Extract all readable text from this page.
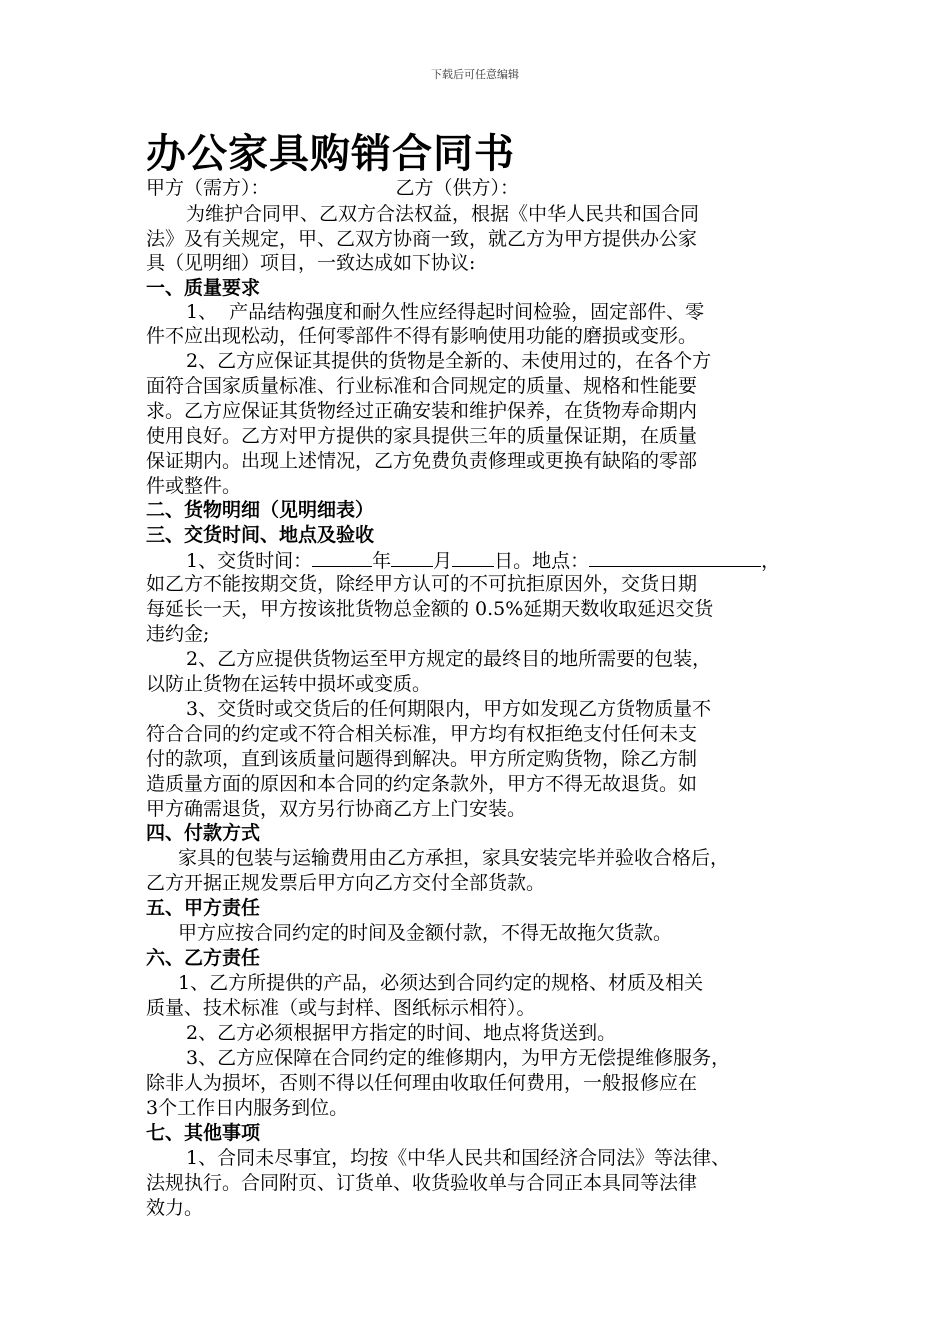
下载后可任意编辑
办公家具购销合同书
甲方（需方）：	乙方（供方）：
为维护合同甲、乙双方合法权益，根据《中华人民共和国合同
法》及有关规定，甲、乙双方协商一致，就乙方为甲方提供办公家
具（见明细）项目，一致达成如下协议:
一、质量要求
1、  产品结构强度和耐久性应经得起时间检验，固定部件、零
件不应出现松动，任何零部件不得有影响使用功能的磨损或变形。
2、乙方应保证其提供的货物是全新的、未使用过的，在各个方
面符合国家质量标准、行业标准和合同规定的质量、规格和性能要
求。乙方应保证其货物经过正确安装和维护保养，在货物寿命期内
使用良好。乙方对甲方提供的家具提供三年的质量保证期，在质量
保证期内。出现上述情况，乙方免费负责修理或更换有缺陷的零部
件或整件。
二、货物明细（见明细表）
三、交货时间、地点及验收
1、交货时间：	年 月 日。地点：	，
如乙方不能按期交货，除经甲方认可的不可抗拒原因外，交货日期
每延长一天，甲方按该批货物总金额的 0.5%延期天数收取延迟交货
违约金;
2、乙方应提供货物运至甲方规定的最终目的地所需要的包装，
以防止货物在运转中损坏或变质。
3、交货时或交货后的任何期限内，甲方如发现乙方货物质量不
符合合同的约定或不符合相关标准，甲方均有权拒绝支付任何未支
付的款项，直到该质量问题得到解决。甲方所定购货物，除乙方制
造质量方面的原因和本合同的约定条款外，甲方不得无故退货。如
甲方确需退货，双方另行协商乙方上门安装。
四、付款方式
家具的包装与运输费用由乙方承担，家具安装完毕并验收合格后，
乙方开据正规发票后甲方向乙方交付全部货款。
五、甲方责任
甲方应按合同约定的时间及金额付款，不得无故拖欠货款。
六、乙方责任
1、乙方所提供的产品，必须达到合同约定的规格、材质及相关
质量、技术标准（或与封样、图纸标示相符）。
2、乙方必须根据甲方指定的时间、地点将货送到。
3、乙方应保障在合同约定的维修期内，为甲方无偿提维修服务，
除非人为损坏，否则不得以任何理由收取任何费用，一般报修应在
3个工作日内服务到位。
七、其他事项
1、合同未尽事宜，均按《中华人民共和国经济合同法》等法律、
法规执行。合同附页、订货单、收货验收单与合同正本具同等法律
效力。
